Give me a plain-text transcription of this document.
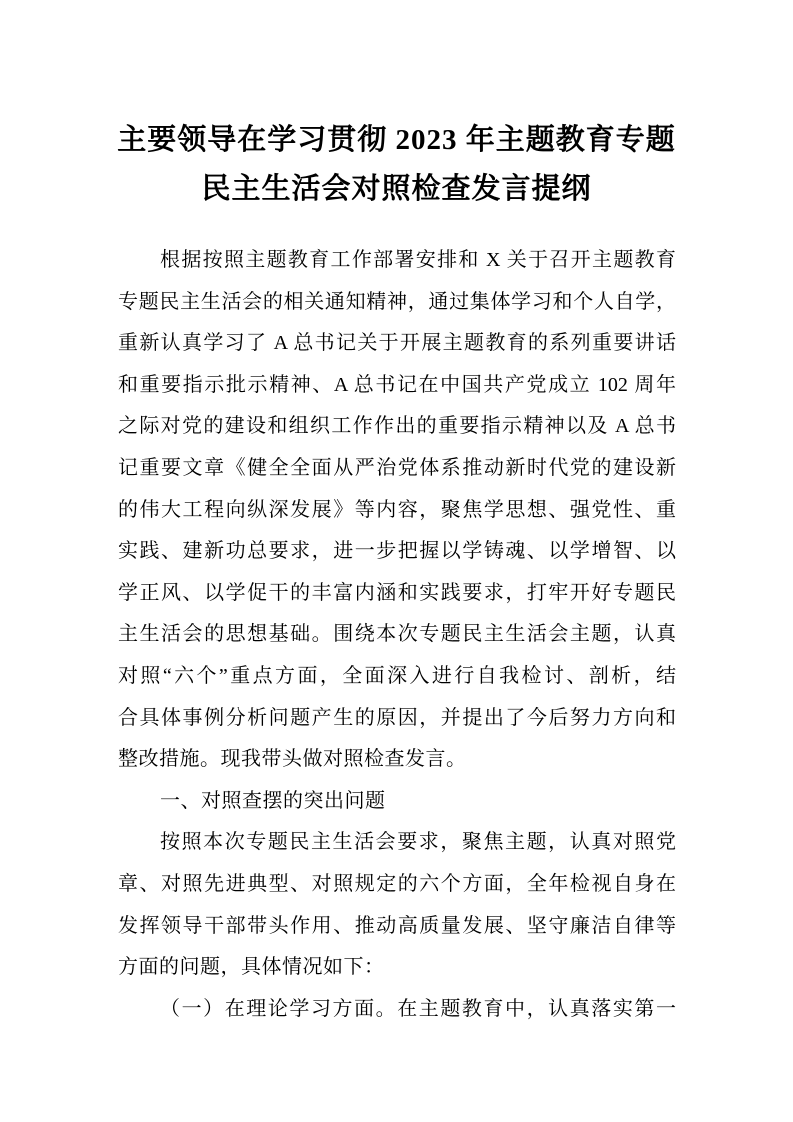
主要领导在学习贯彻 2023 年主题教育专题
民主生活会对照检查发言提纲
根据按照主题教育工作部署安排和 X 关于召开主题教育
专题民主生活会的相关通知精神，通过集体学习和个人自学，
重新认真学习了 A 总书记关于开展主题教育的系列重要讲话
和重要指示批示精神、A 总书记在中国共产党成立 102 周年
之际对党的建设和组织工作作出的重要指示精神以及 A 总书
记重要文章《健全全面从严治党体系推动新时代党的建设新
的伟大工程向纵深发展》等内容，聚焦学思想、强党性、重
实践、建新功总要求，进一步把握以学铸魂、以学增智、以
学正风、以学促干的丰富内涵和实践要求，打牢开好专题民
主生活会的思想基础。围绕本次专题民主生活会主题，认真
对照“六个”重点方面，全面深入进行自我检讨、剖析，结
合具体事例分析问题产生的原因，并提出了今后努力方向和
整改措施。现我带头做对照检查发言。
一、对照查摆的突出问题
按照本次专题民主生活会要求，聚焦主题，认真对照党
章、对照先进典型、对照规定的六个方面，全年检视自身在
发挥领导干部带头作用、推动高质量发展、坚守廉洁自律等
方面的问题，具体情况如下：
（一）在理论学习方面。在主题教育中，认真落实第一
